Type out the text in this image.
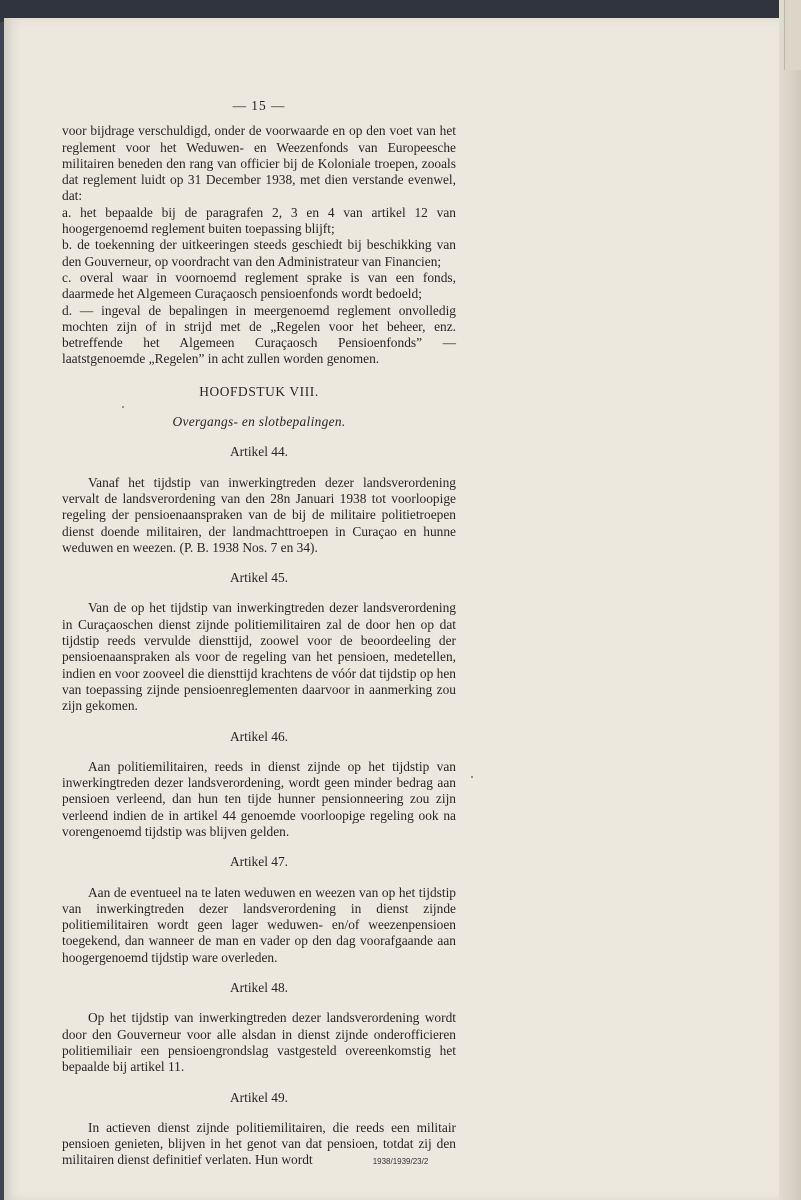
— 15 —

voor bijdrage verschuldigd, onder de voorwaarde en op den voet van het reglement voor het Weduwen- en Weezenfonds van Europeesche militairen beneden den rang van officier bij de Koloniale troepen, zooals dat reglement luidt op 31 December 1938, met dien verstande evenwel, dat:

a. het bepaalde bij de paragrafen 2, 3 en 4 van artikel 12 van hoogergenoemd reglement buiten toepassing blijft;

b. de toekenning der uitkeeringen steeds geschiedt bij beschikking van den Gouverneur, op voordracht van den Administrateur van Financien;

c. overal waar in voornoemd reglement sprake is van een fonds, daarmede het Algemeen Curaçaosch pensioenfonds wordt bedoeld;

d. — ingeval de bepalingen in meergenoemd reglement onvolledig mochten zijn of in strijd met de „Regelen voor het beheer, enz. betreffende het Algemeen Curaçaosch Pensioenfonds” — laatstgenoemde „Regelen” in acht zullen worden genomen.

HOOFDSTUK VIII.
Overgangs- en slotbepalingen.
Artikel 44.

Vanaf het tijdstip van inwerkingtreden dezer landsverordening vervalt de landsverordening van den 28n Januari 1938 tot voorloopige regeling der pensioenaanspraken van de bij de militaire politietroepen dienst doende militairen, der landmachttroepen in Curaçao en hunne weduwen en weezen. (P. B. 1938 Nos. 7 en 34).

Artikel 45.

Van de op het tijdstip van inwerkingtreden dezer landsverordening in Curaçaoschen dienst zijnde politiemilitairen zal de door hen op dat tijdstip reeds vervulde diensttijd, zoowel voor de beoordeeling der pensioenaanspraken als voor de regeling van het pensioen, medetellen, indien en voor zooveel die diensttijd krachtens de vóór dat tijdstip op hen van toepassing zijnde pensioenreglementen daarvoor in aanmerking zou zijn gekomen.

Artikel 46.

Aan politiemilitairen, reeds in dienst zijnde op het tijdstip van inwerkingtreden dezer landsverordening, wordt geen minder bedrag aan pensioen verleend, dan hun ten tijde hunner pensionneering zou zijn verleend indien de in artikel 44 genoemde voorloopige regeling ook na vorengenoemd tijdstip was blijven gelden.

Artikel 47.

Aan de eventueel na te laten weduwen en weezen van op het tijdstip van inwerkingtreden dezer landsverordening in dienst zijnde politiemilitairen wordt geen lager weduwen- en/of weezenpensioen toegekend, dan wanneer de man en vader op den dag voorafgaande aan hoogergenoemd tijdstip ware overleden.

Artikel 48.

Op het tijdstip van inwerkingtreden dezer landsverordening wordt door den Gouverneur voor alle alsdan in dienst zijnde onderofficieren politiemiliair een pensioengrondslag vastgesteld overeenkomstig het bepaalde bij artikel 11.

Artikel 49.

In actieven dienst zijnde politiemilitairen, die reeds een militair pensioen genieten, blijven in het genot van dat pensioen, totdat zij den militairen dienst definitief verlaten. Hun wordt	1938/1939/23/2
